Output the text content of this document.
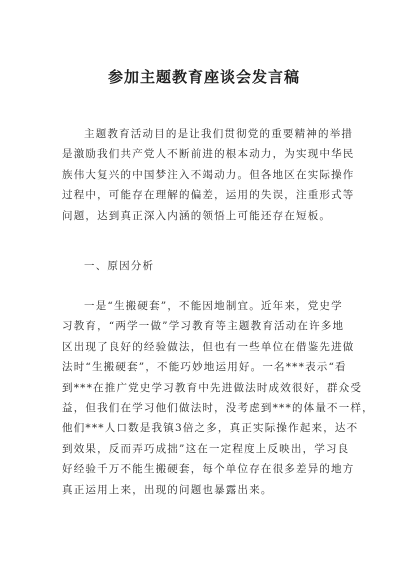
参加主题教育座谈会发言稿
主题教育活动目的是让我们贯彻党的重要精神的举措
是激励我们共产党人不断前进的根本动力，为实现中华民
族伟大复兴的中国梦注入不竭动力。但各地区在实际操作
过程中，可能存在理解的偏差，运用的失误，注重形式等
问题，达到真正深入内涵的领悟上可能还存在短板。
一、原因分析
一是“生搬硬套”，不能因地制宜。近年来，党史学
习教育，“两学一做”学习教育等主题教育活动在许多地
区出现了良好的经验做法，但也有一些单位在借鉴先进做
法时“生搬硬套”，不能巧妙地运用好。一名***表示“看
到***在推广党史学习教育中先进做法时成效很好，群众受
益，但我们在学习他们做法时，没考虑到***的体量不一样，
他们***人口数是我镇3倍之多，真正实际操作起来，达不
到效果，反而弄巧成拙”这在一定程度上反映出，学习良
好经验千万不能生搬硬套，每个单位存在很多差异的地方
真正运用上来，出现的问题也暴露出来。
